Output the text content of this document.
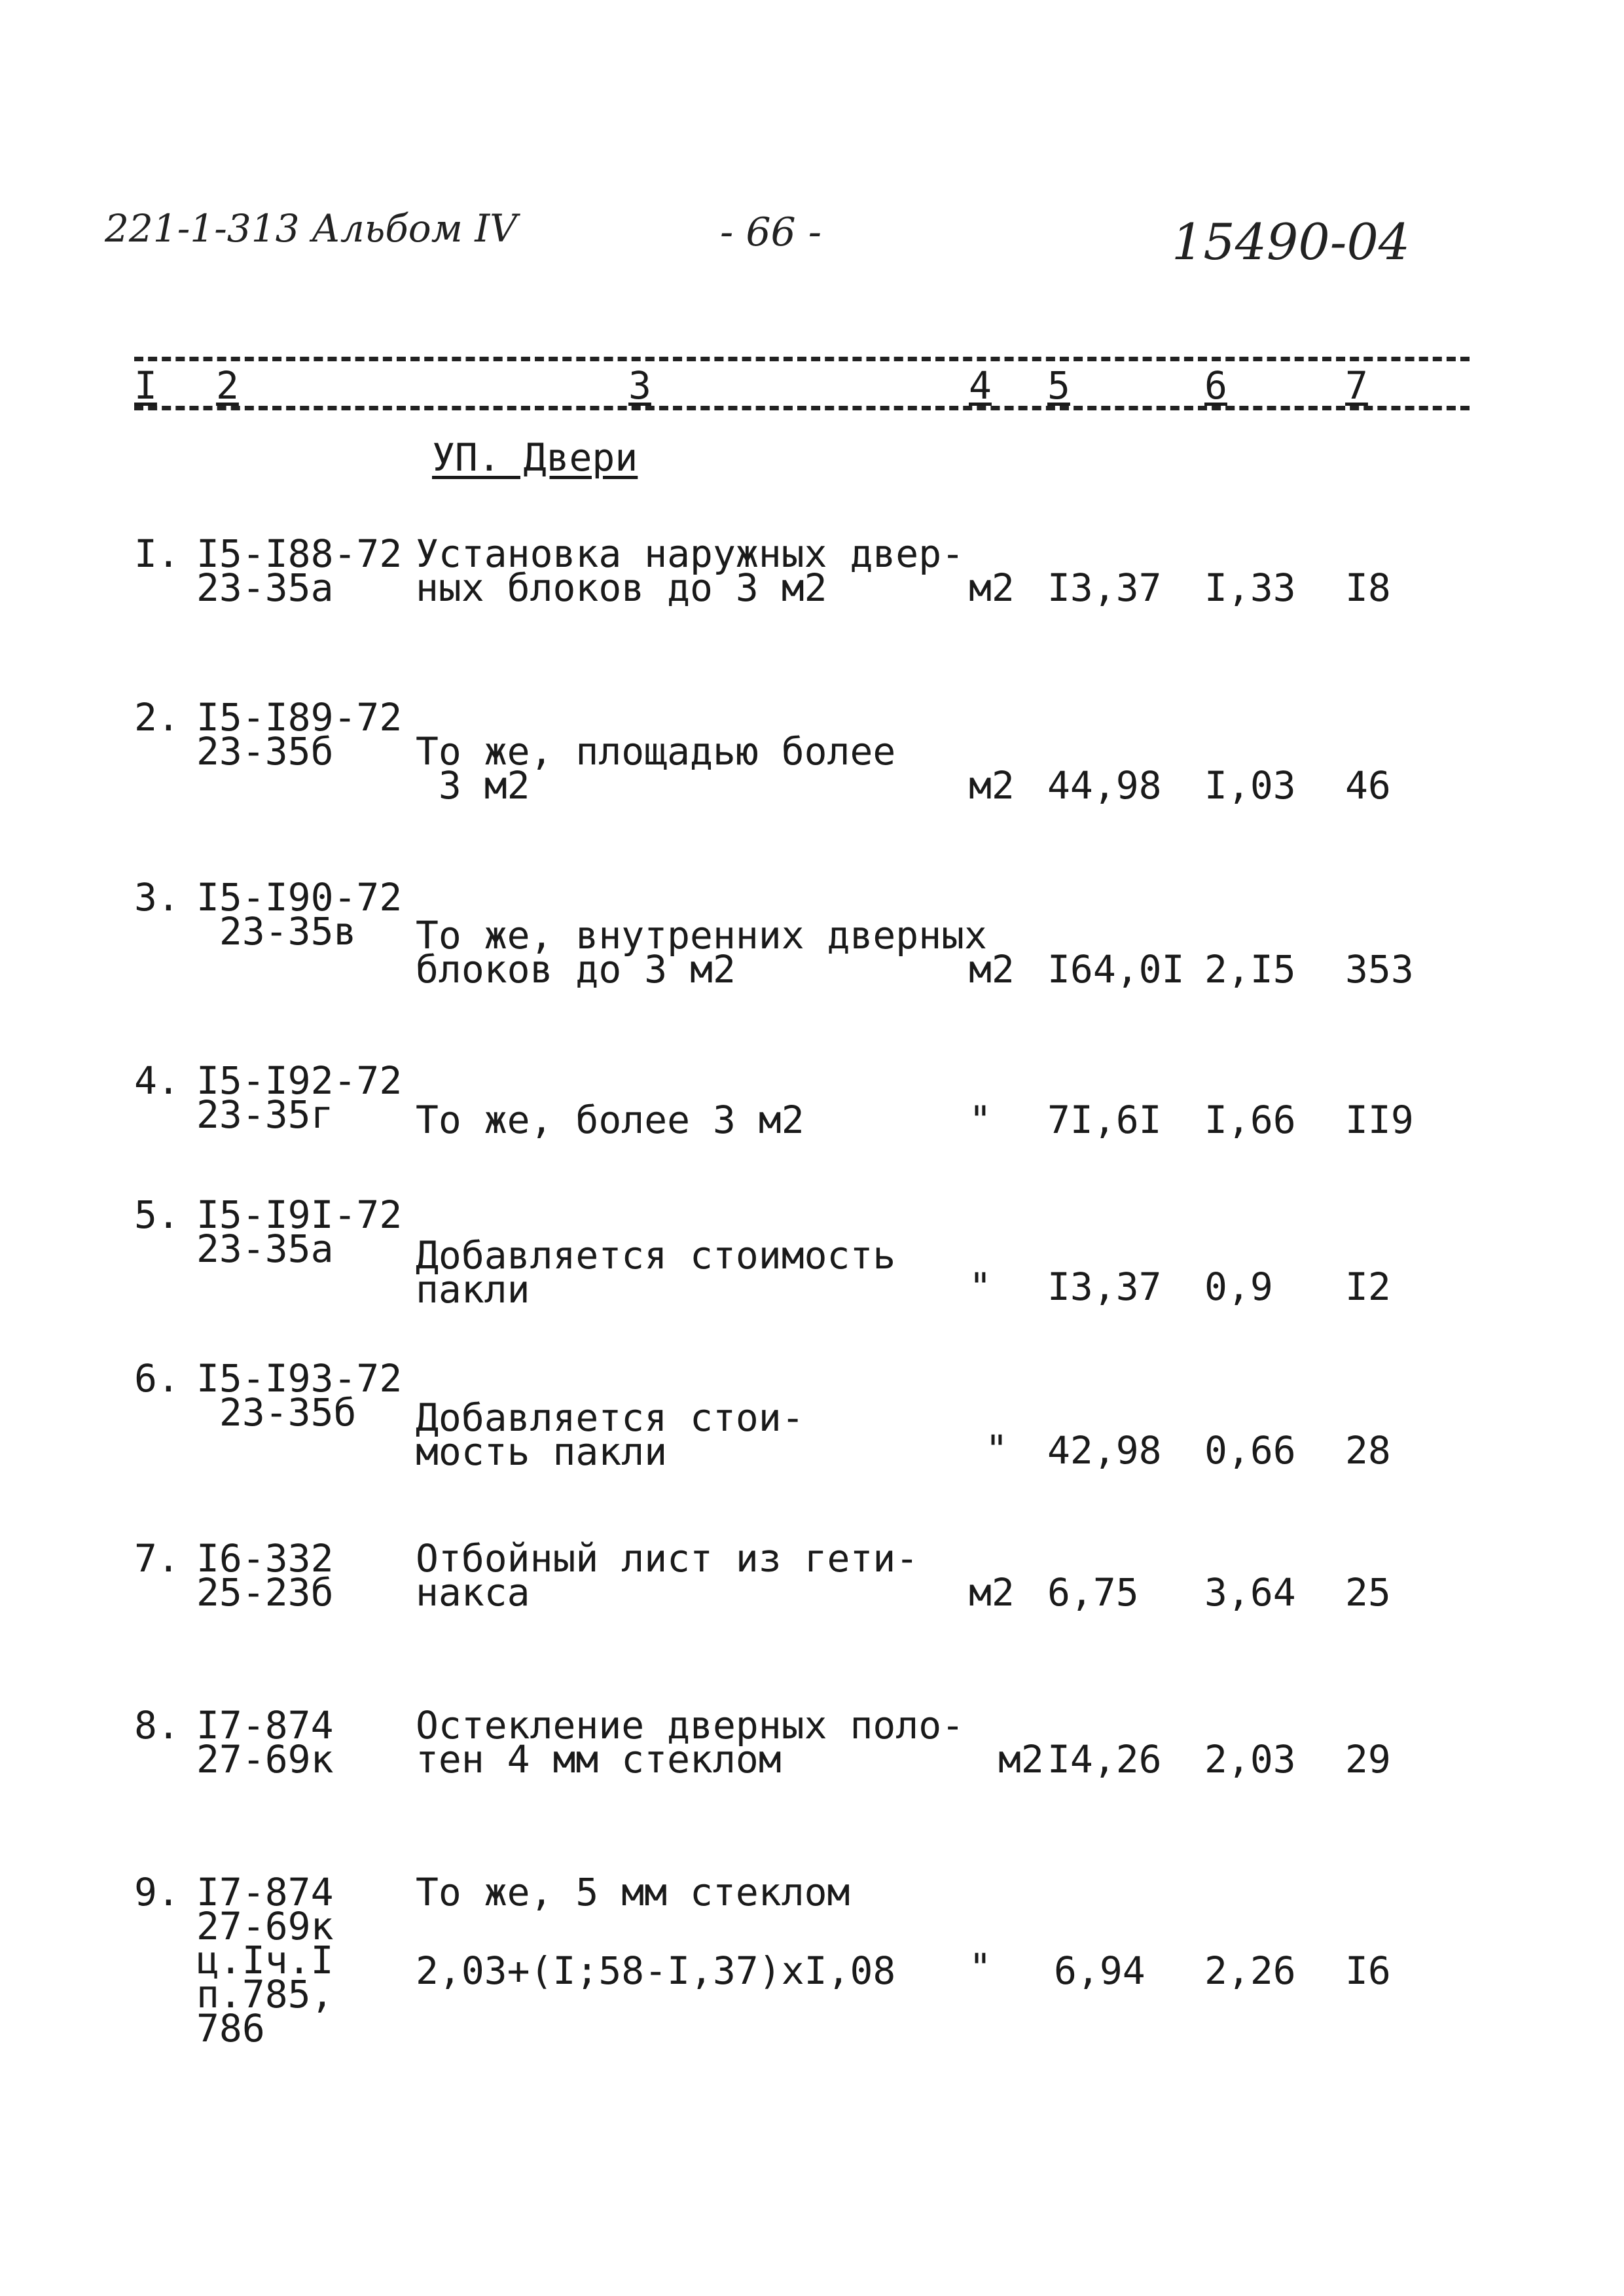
221-1-313 Альбом IV	- 66 -	15490-04
I 2	3	4 5	6	7
УП. Двери
I. I5-I88-72
23-35а
Установка наружных двер-
ных блоков до 3 м2	м2 I3,37 I,33 I8
2. I5-I89-72
23-35б То же, площадью более
3 м2	м2 44,98 I,03 46
3. I5-I90-72
23-35в То же, внутренних дверных
блоков до 3 м2	м2 I64,0I 2,I5 353
4. I5-I92-72
23-35г То же, более 3 м2	" 7I,6I I,66 II9
5. I5-I9I-72
23-35а Добавляется стоимость
пакли	" I3,37 0,9 I2
6. I5-I93-72
23-35б Добавляется стои-
мость пакли	" 42,98 0,66 28
7. I6-332
25-23б
Отбойный лист из гети-
накса	м2 6,75 3,64 25
8. I7-874
27-69к
Остекление дверных поло-
тен 4 мм стеклом	м2 I4,26 2,03 29
9. I7-874
27-69к
ц.Iч.I
п.785,
786
То же, 5 мм стеклом
2,03+(I;58-I,37)хI,08 " 6,94 2,26 I6
